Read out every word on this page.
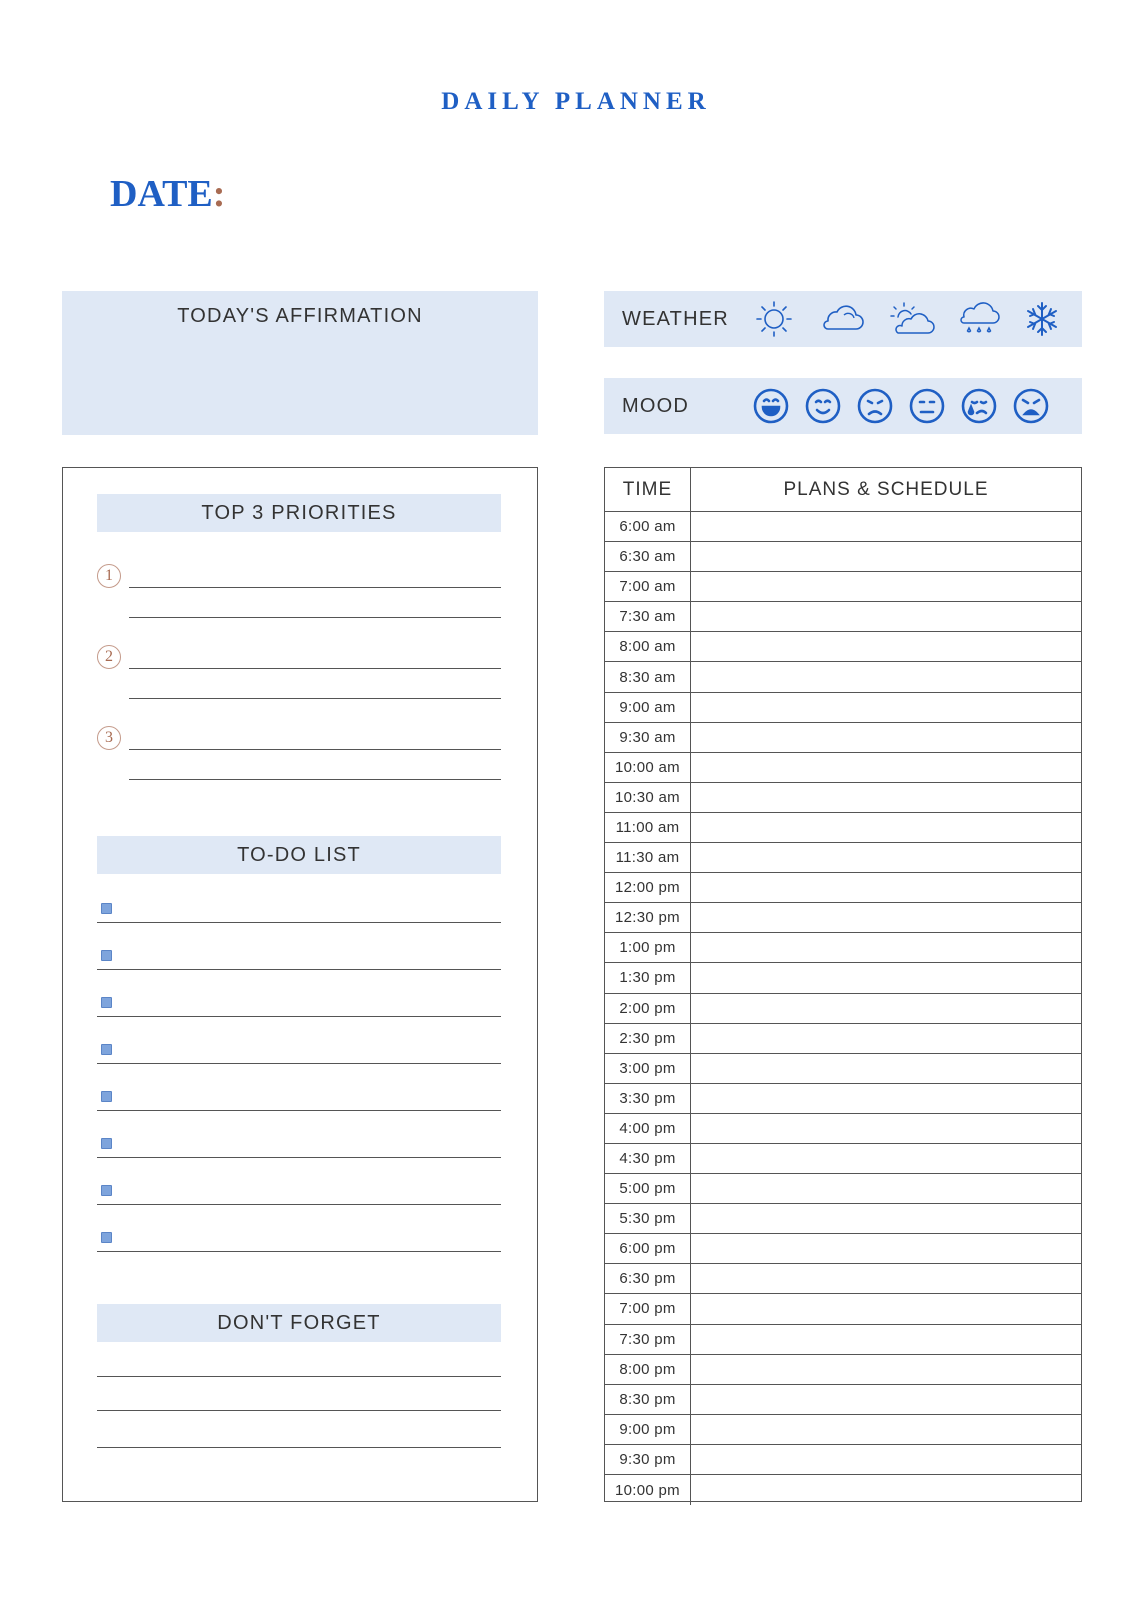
DAILY PLANNER
DATE:
TODAY'S AFFIRMATION	WEATHER
MOOD
TOP 3 PRIORITIES
1
2
3
TO-DO LIST
DON'T FORGET
TIME	PLANS & SCHEDULE
6:00 am
6:30 am
7:00 am
7:30 am
8:00 am
8:30 am
9:00 am
9:30 am
10:00 am
10:30 am
11:00 am
11:30 am
12:00 pm
12:30 pm
1:00 pm
1:30 pm
2:00 pm
2:30 pm
3:00 pm
3:30 pm
4:00 pm
4:30 pm
5:00 pm
5:30 pm
6:00 pm
6:30 pm
7:00 pm
7:30 pm
8:00 pm
8:30 pm
9:00 pm
9:30 pm
10:00 pm
